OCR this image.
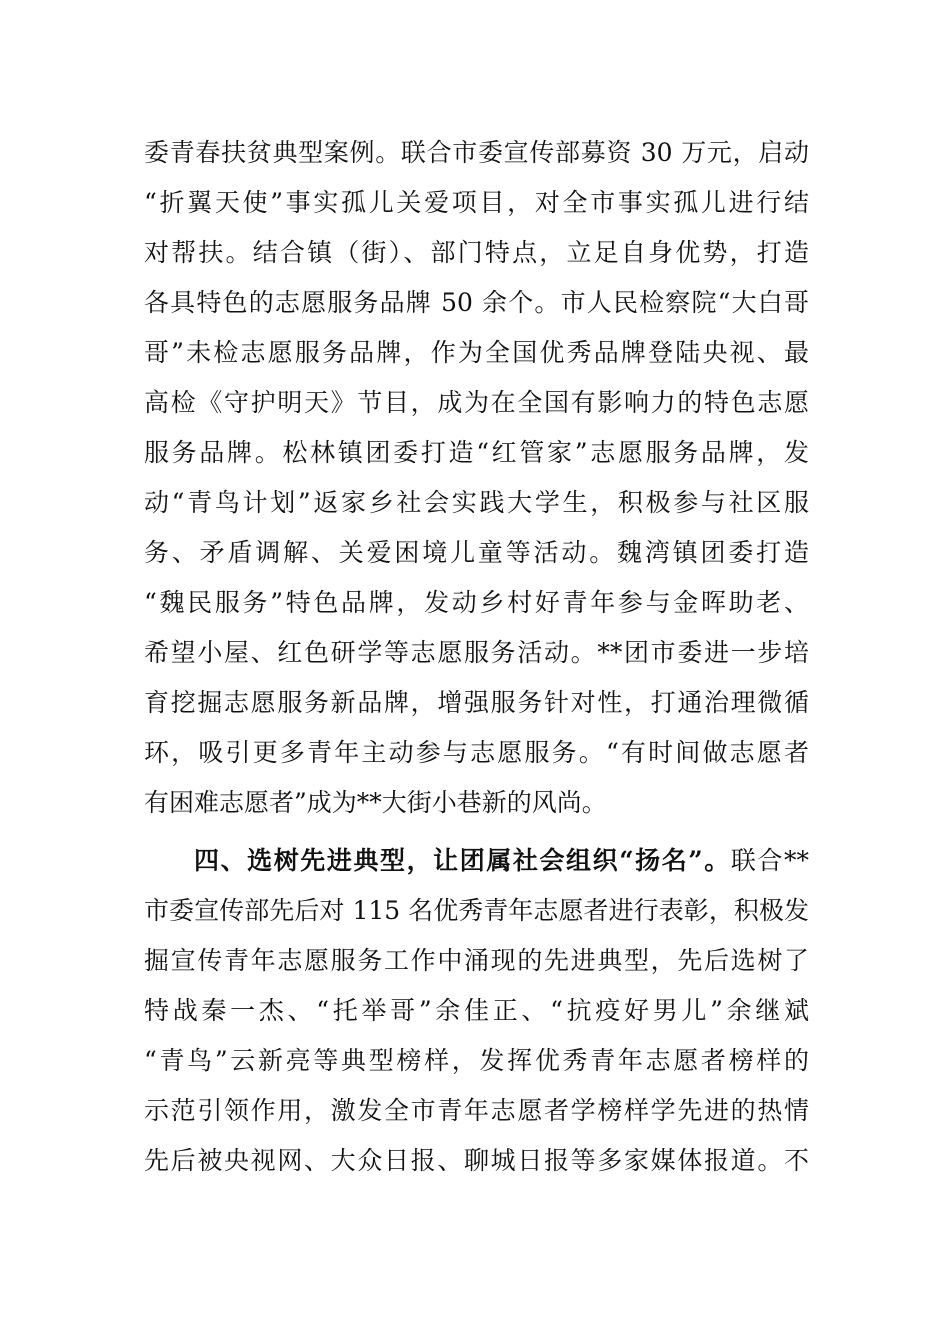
委青春扶贫典型案例。联合市委宣传部募资 30 万元，启动
“折翼天使”事实孤儿关爱项目，对全市事实孤儿进行结
对帮扶。结合镇（街）、部门特点，立足自身优势，打造
各具特色的志愿服务品牌 50 余个。市人民检察院“大白哥
哥”未检志愿服务品牌，作为全国优秀品牌登陆央视、最
高检《守护明天》节目，成为在全国有影响力的特色志愿
服务品牌。松林镇团委打造“红管家”志愿服务品牌，发
动“青鸟计划”返家乡社会实践大学生，积极参与社区服
务、矛盾调解、关爱困境儿童等活动。魏湾镇团委打造
“魏民服务”特色品牌，发动乡村好青年参与金晖助老、
希望小屋、红色研学等志愿服务活动。**团市委进一步培
育挖掘志愿服务新品牌，增强服务针对性，打通治理微循
环，吸引更多青年主动参与志愿服务。“有时间做志愿者
有困难志愿者”成为**大街小巷新的风尚。
四、选树先进典型，让团属社会组织“扬名”。联合**
市委宣传部先后对 115 名优秀青年志愿者进行表彰，积极发
掘宣传青年志愿服务工作中涌现的先进典型，先后选树了
特战秦一杰、“托举哥”余佳正、“抗疫好男儿”余继斌
“青鸟”云新亮等典型榜样，发挥优秀青年志愿者榜样的
示范引领作用，激发全市青年志愿者学榜样学先进的热情
先后被央视网、大众日报、聊城日报等多家媒体报道。不
